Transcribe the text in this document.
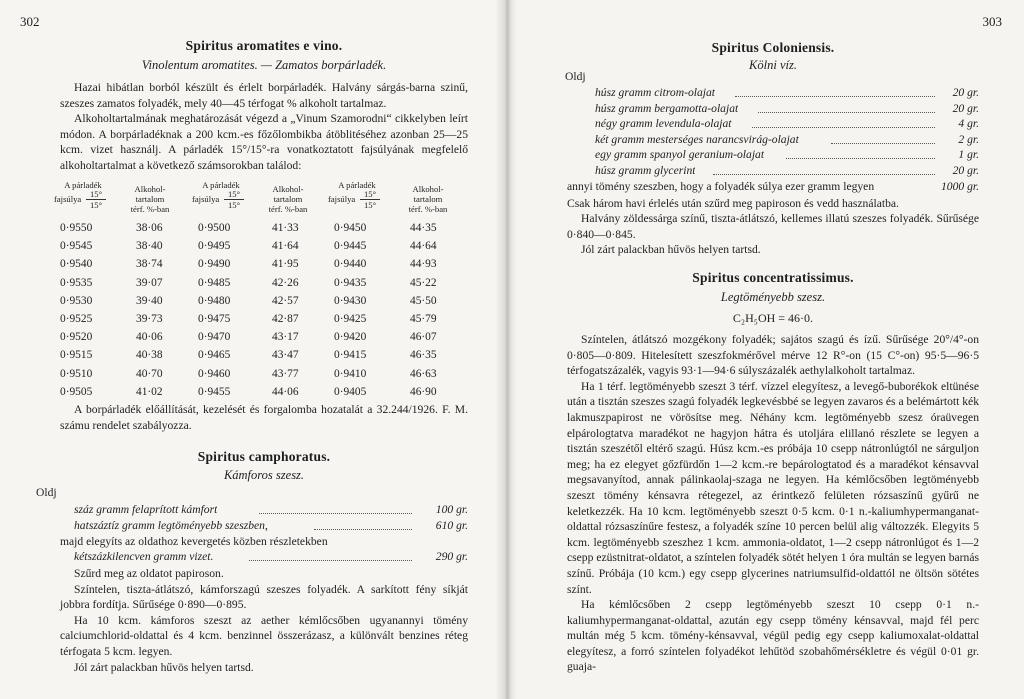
302
Spiritus aromatites e vino.
Vinolentum aromatites. — Zamatos borpárladék.

Hazai hibátlan borból készült és érlelt borpárladék. Halvány sárgás-barna szinű, szeszes zamatos folyadék, mely 40—45 térfogat % alkoholt tartalmaz.

Alkoholtartalmának meghatározását végezd a „Vinum Szamorodni“ cikkelyben leírt módon. A borpárladéknak a 200 kcm.-es főzőlombikba átöblitéséhez azonban 25—25 kcm. vizet használj. A párladék 15°/15°-ra vonatkoztatott fajsúlyának megfelelő alkoholtartalmat a következő számsorokban találod:

A párladék
fajsúlya	15°
15°
Alkohol-
tartalom
térf. %-ban
A párladék
fajsúlya	15°
15°
Alkohol-
tartalom
térf. %-ban
A párladék
fajsúlya	15°
15°
Alkohol-
tartalom
térf. %-ban
0·9550	38·06	0·9500	41·33	0·9450	44·35
0·9545	38·40	0·9495	41·64	0·9445	44·64
0·9540	38·74	0·9490	41·95	0·9440	44·93
0·9535	39·07	0·9485	42·26	0·9435	45·22
0·9530	39·40	0·9480	42·57	0·9430	45·50
0·9525	39·73	0·9475	42·87	0·9425	45·79
0·9520	40·06	0·9470	43·17	0·9420	46·07
0·9515	40·38	0·9465	43·47	0·9415	46·35
0·9510	40·70	0·9460	43·77	0·9410	46·63
0·9505	41·02	0·9455	44·06	0·9405	46·90

A borpárladék előállítását, kezelését és forgalomba hozatalát a 32.244/1926. F. M. számu rendelet szabályozza.

Spiritus camphoratus.
Kámforos szesz.
Oldj
száz gramm felaprított kámfort	100 gr.
hatszáztíz gramm legtöményebb szeszben,	610 gr.

majd elegyíts az oldathoz kevergetés közben részletekben

kétszázkilencven gramm vizet.	290 gr.

Szűrd meg az oldatot papiroson.

Színtelen, tiszta-átlátszó, kámforszagú szeszes folyadék. A sarkított fény síkját jobbra fordítja. Sűrűsége 0·890—0·895.

Ha 10 kcm. kámforos szeszt az aether kémlőcsőben ugyanannyi tömény calciumchlorid-oldattal és 4 kcm. benzinnel összerázasz, a különvált benzines réteg térfogata 5 kcm. legyen.

Jól zárt palackban hűvös helyen tartsd.

303
Spiritus Coloniensis.
Kölni víz.
Oldj
húsz gramm citrom-olajat	20 gr.
húsz gramm bergamotta-olajat	20 gr.
négy gramm levendula-olajat	4 gr.
két gramm mesterséges narancsvirág-olajat	2 gr.
egy gramm spanyol geranium-olajat	1 gr.
húsz gramm glycerint	20 gr.
annyi tömény szeszben, hogy a folyadék súlya ezer gramm legyen	1000 gr.

Csak három havi érlelés után szűrd meg papiroson és vedd használatba.

Halvány zöldessárga színű, tiszta-átlátszó, kellemes illatú szeszes folyadék. Sűrűsége 0·840—0·845.

Jól zárt palackban hűvös helyen tartsd.

Spiritus concentratissimus.
Legtöményebb szesz.

C₂H₅OH = 46·0.

Színtelen, átlátszó mozgékony folyadék; sajátos szagú és ízű. Sűrűsége 20°/4°-on 0·805—0·809. Hitelesített szeszfokmérővel mérve 12 R°-on (15 C°-on) 95·5—96·5 térfogatszázalék, vagyis 93·1—94·6 súlyszázalék aethylalkoholt tartalmaz.

Ha 1 térf. legtöményebb szeszt 3 térf. vízzel elegyítesz, a levegő-buborékok eltünése után a tisztán szeszes szagú folyadék legkevésbbé se legyen zavaros és a belémártott kék lakmuszpapirost ne vörösítse meg. Néhány kcm. legtöményebb szesz óraüvegen elpárologtatva maradékot ne hagyjon hátra és utoljára elillanó részlete se legyen a tisztán szeszétől eltérő szagú. Húsz kcm.-es próbája 10 csepp nátronlúgtól ne sárguljon meg; ha ez elegyet gőzfürdőn 1—2 kcm.-re bepárologtatod és a maradékot kénsavval megsavanyítod, annak pálinkaolaj-szaga ne legyen. Ha kémlőcsőben legtöményebb szeszt tömény kénsavra rétegezel, az érintkező felületen rózsaszínű gyűrű ne keletkezzék. Ha 10 kcm. legtöményebb szeszt 0·5 kcm. 0·1 n.-kaliumhypermanganat-oldattal rózsaszínűre festesz, a folyadék színe 10 percen belül alig változzék. Elegyits 5 kcm. legtöményebb szeszhez 1 kcm. ammonia-oldatot, 1—2 csepp nátronlúgot és 1—2 csepp ezüstnitrat-oldatot, a színtelen folyadék sötét helyen 1 óra multán se legyen barnás színű. Próbája (10 kcm.) egy csepp glycerines natriumsulfid-oldattól ne öltsön sötétes színt.

Ha kémlőcsőben 2 csepp legtöményebb szeszt 10 csepp 0·1 n.-kaliumhypermanganat-oldattal, azután egy csepp tömény kénsavval, majd fél perc multán még 5 kcm. tömény-kénsavval, végül pedig egy csepp kaliumoxalat-oldattal elegyítesz, a forró színtelen folyadékot lehűtöd szobahőmérsékletre és végül 0·01 gr. guaja-
